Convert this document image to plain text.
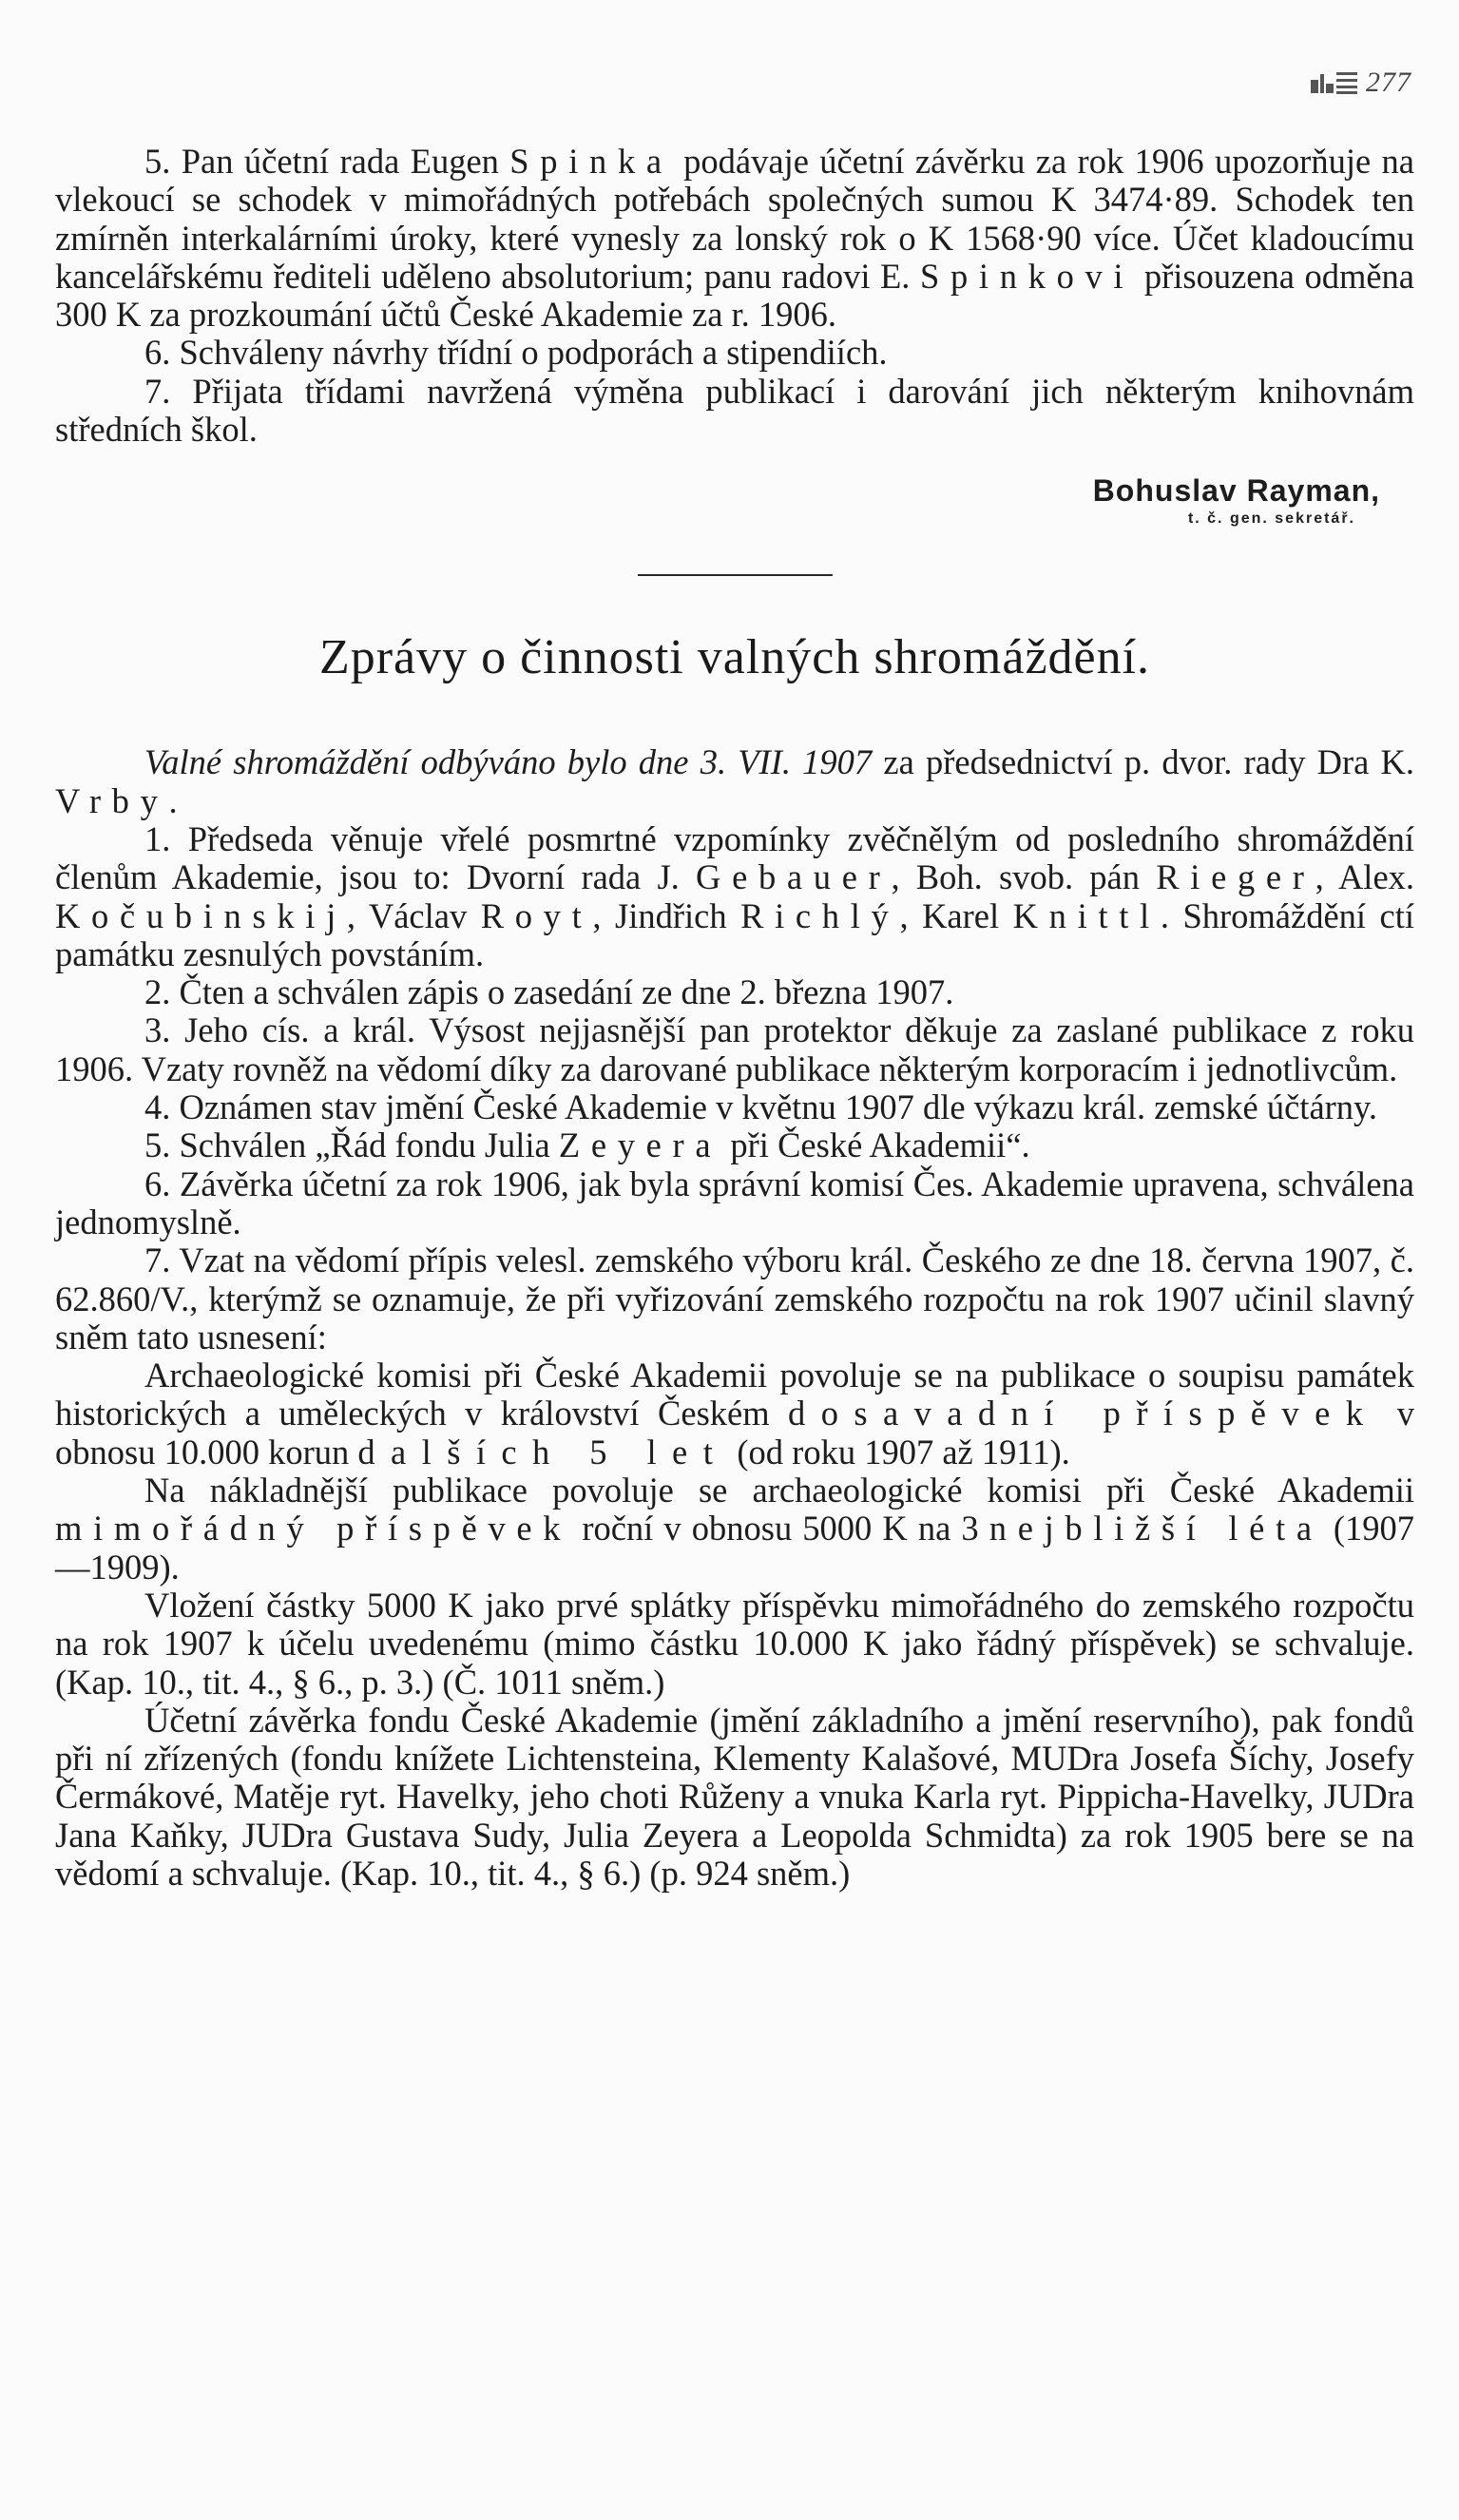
277

5. Pan účetní rada Eugen Spinka podávaje účetní závěrku za rok 1906 upozorňuje na vlekoucí se schodek v mimořádných potřebách společných sumou K 3474·89. Schodek ten zmírněn interkalárními úroky, které vynesly za lonský rok o K 1568·90 více. Účet kladoucímu kancelářskému řediteli uděleno absolutorium; panu radovi E. Spinkovi přisouzena odměna 300 K za prozkoumání účtů České Akademie za r. 1906.

6. Schváleny návrhy třídní o podporách a stipendiích.

7. Přijata třídami navržená výměna publikací i darování jich některým knihovnám středních škol.

Bohuslav Rayman,
t. č. gen. sekretář.
Zprávy o činnosti valných shromáždění.

Valné shromáždění odbýváno bylo dne 3. VII. 1907 za předsednictví p. dvor. rady Dra K. Vrby.

1. Předseda věnuje vřelé posmrtné vzpomínky zvěčnělým od posledního shromáždění členům Akademie, jsou to: Dvorní rada J. Gebauer, Boh. svob. pán Rieger, Alex. Kočubinskij, Václav Royt, Jindřich Richlý, Karel Knittl. Shromáždění ctí památku zesnulých povstáním.

2. Čten a schválen zápis o zasedání ze dne 2. března 1907.

3. Jeho cís. a král. Výsost nejjasnější pan protektor děkuje za zaslané publikace z roku 1906. Vzaty rovněž na vědomí díky za darované publikace některým korporacím i jednotlivcům.

4. Oznámen stav jmění České Akademie v květnu 1907 dle výkazu král. zemské účtárny.

5. Schválen „Řád fondu Julia Zeyera při České Akademii“.

6. Závěrka účetní za rok 1906, jak byla správní komisí Čes. Akademie upravena, schválena jednomyslně.

7. Vzat na vědomí přípis velesl. zemského výboru král. Českého ze dne 18. června 1907, č. 62.860/V., kterýmž se oznamuje, že při vyřizování zemského rozpočtu na rok 1907 učinil slavný sněm tato usnesení:

Archaeologické komisi při České Akademii povoluje se na publikace o soupisu památek historických a uměleckých v království Českém dosavadní příspěvek v obnosu 10.000 korun dalších 5 let (od roku 1907 až 1911).

Na nákladnější publikace povoluje se archaeologické komisi při České Akademii mimořádný příspěvek roční v obnosu 5000 K na 3 nejbližší léta (1907—1909).

Vložení částky 5000 K jako prvé splátky příspěvku mimořádného do zemského rozpočtu na rok 1907 k účelu uvedenému (mimo částku 10.000 K jako řádný příspěvek) se schvaluje. (Kap. 10., tit. 4., § 6., p. 3.) (Č. 1011 sněm.)

Účetní závěrka fondu České Akademie (jmění základního a jmění reservního), pak fondů při ní zřízených (fondu knížete Lichtensteina, Klementy Kalašové, MUDra Josefa Šíchy, Josefy Čermákové, Matěje ryt. Havelky, jeho choti Růženy a vnuka Karla ryt. Pippicha-Havelky, JUDra Jana Kaňky, JUDra Gustava Sudy, Julia Zeyera a Leopolda Schmidta) za rok 1905 bere se na vědomí a schvaluje. (Kap. 10., tit. 4., § 6.) (p. 924 sněm.)
